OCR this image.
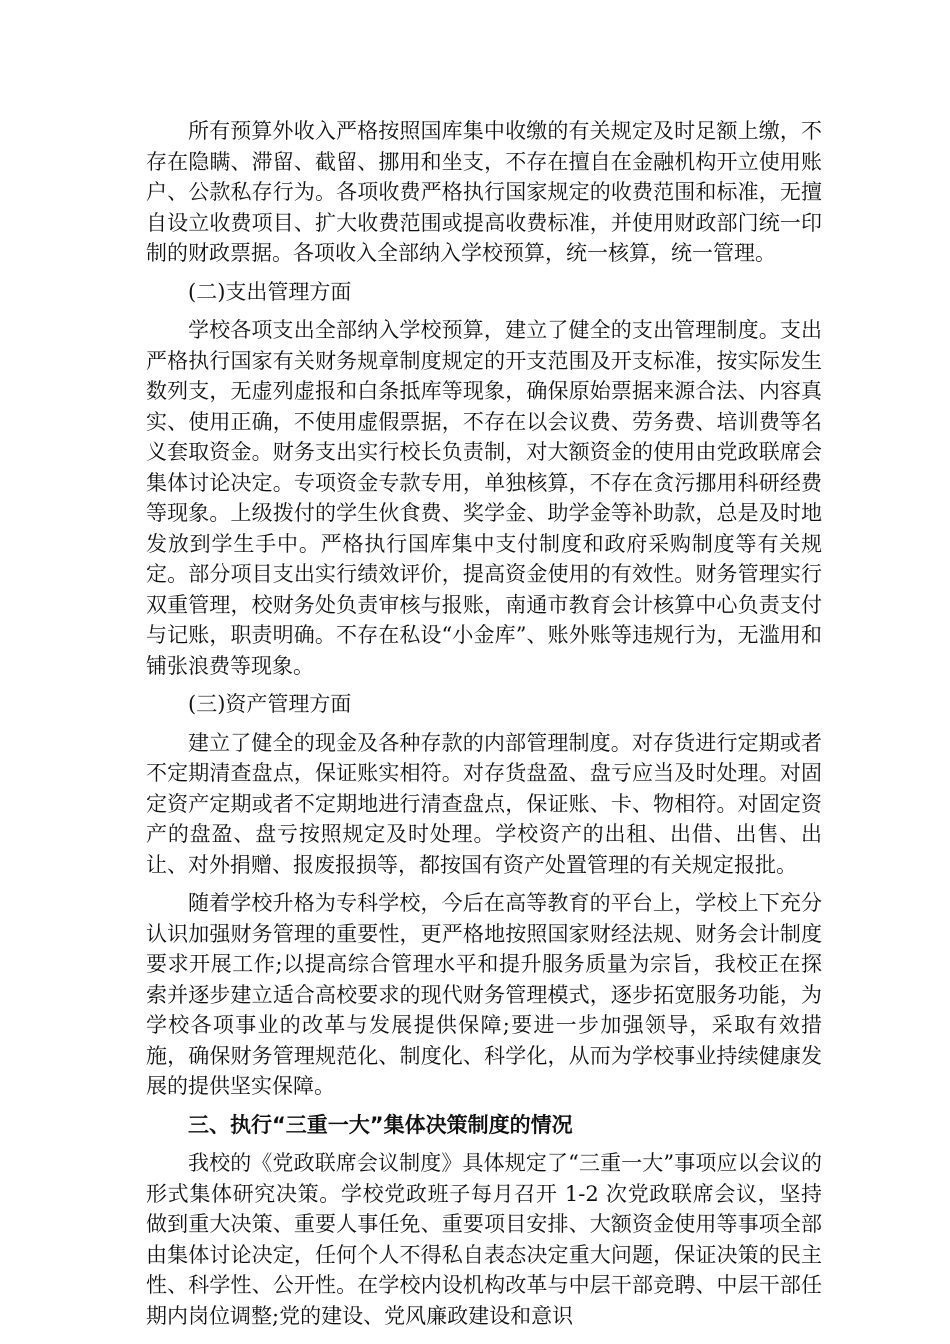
所有预算外收入严格按照国库集中收缴的有关规定及时足额上缴，不存在隐瞒、滞留、截留、挪用和坐支，不存在擅自在金融机构开立使用账户、公款私存行为。各项收费严格执行国家规定的收费范围和标准，无擅自设立收费项目、扩大收费范围或提高收费标准，并使用财政部门统一印制的财政票据。各项收入全部纳入学校预算，统一核算，统一管理。

(二)支出管理方面

学校各项支出全部纳入学校预算，建立了健全的支出管理制度。支出严格执行国家有关财务规章制度规定的开支范围及开支标准，按实际发生数列支，无虚列虚报和白条抵库等现象，确保原始票据来源合法、内容真实、使用正确，不使用虚假票据，不存在以会议费、劳务费、培训费等名义套取资金。财务支出实行校长负责制，对大额资金的使用由党政联席会集体讨论决定。专项资金专款专用，单独核算，不存在贪污挪用科研经费等现象。上级拨付的学生伙食费、奖学金、助学金等补助款，总是及时地发放到学生手中。严格执行国库集中支付制度和政府采购制度等有关规定。部分项目支出实行绩效评价，提高资金使用的有效性。财务管理实行双重管理，校财务处负责审核与报账，南通市教育会计核算中心负责支付与记账，职责明确。不存在私设“小金库”、账外账等违规行为，无滥用和铺张浪费等现象。

(三)资产管理方面

建立了健全的现金及各种存款的内部管理制度。对存货进行定期或者不定期清查盘点，保证账实相符。对存货盘盈、盘亏应当及时处理。对固定资产定期或者不定期地进行清查盘点，保证账、卡、物相符。对固定资产的盘盈、盘亏按照规定及时处理。学校资产的出租、出借、出售、出让、对外捐赠、报废报损等，都按国有资产处置管理的有关规定报批。

随着学校升格为专科学校，今后在高等教育的平台上，学校上下充分认识加强财务管理的重要性，更严格地按照国家财经法规、财务会计制度要求开展工作;以提高综合管理水平和提升服务质量为宗旨，我校正在探索并逐步建立适合高校要求的现代财务管理模式，逐步拓宽服务功能，为学校各项事业的改革与发展提供保障;要进一步加强领导，采取有效措施，确保财务管理规范化、制度化、科学化，从而为学校事业持续健康发展的提供坚实保障。

三、执行“三重一大”集体决策制度的情况

我校的《党政联席会议制度》具体规定了“三重一大”事项应以会议的形式集体研究决策。学校党政班子每月召开 1-2 次党政联席会议，坚持做到重大决策、重要人事任免、重要项目安排、大额资金使用等事项全部由集体讨论决定，任何个人不得私自表态决定重大问题，保证决策的民主性、科学性、公开性。在学校内设机构改革与中层干部竞聘、中层干部任期内岗位调整;党的建设、党风廉政建设和意识
